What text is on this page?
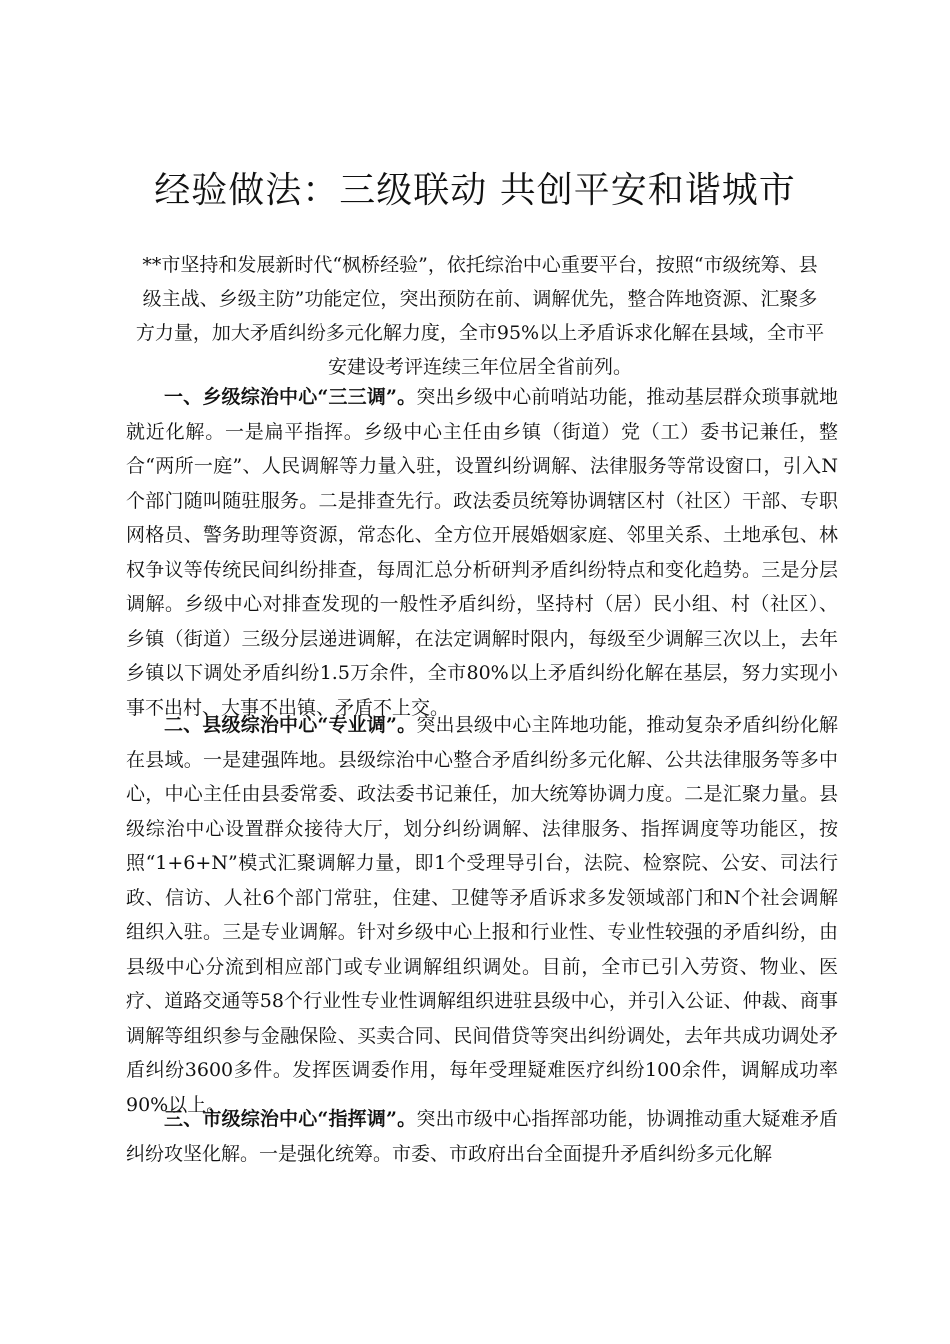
经验做法：三级联动 共创平安和谐城市

**市坚持和发展新时代“枫桥经验”，依托综治中心重要平台，按照“市级统筹、县级主战、乡级主防”功能定位，突出预防在前、调解优先，整合阵地资源、汇聚多方力量，加大矛盾纠纷多元化解力度，全市95%以上矛盾诉求化解在县域，全市平安建设考评连续三年位居全省前列。

一、乡级综治中心“三三调”。突出乡级中心前哨站功能，推动基层群众琐事就地就近化解。一是扁平指挥。乡级中心主任由乡镇（街道）党（工）委书记兼任，整合“两所一庭”、人民调解等力量入驻，设置纠纷调解、法律服务等常设窗口，引入N个部门随叫随驻服务。二是排查先行。政法委员统筹协调辖区村（社区）干部、专职网格员、警务助理等资源，常态化、全方位开展婚姻家庭、邻里关系、土地承包、林权争议等传统民间纠纷排查，每周汇总分析研判矛盾纠纷特点和变化趋势。三是分层调解。乡级中心对排查发现的一般性矛盾纠纷，坚持村（居）民小组、村（社区）、乡镇（街道）三级分层递进调解，在法定调解时限内，每级至少调解三次以上，去年乡镇以下调处矛盾纠纷1.5万余件，全市80%以上矛盾纠纷化解在基层，努力实现小事不出村、大事不出镇、矛盾不上交。

二、县级综治中心“专业调”。突出县级中心主阵地功能，推动复杂矛盾纠纷化解在县域。一是建强阵地。县级综治中心整合矛盾纠纷多元化解、公共法律服务等多中心，中心主任由县委常委、政法委书记兼任，加大统筹协调力度。二是汇聚力量。县级综治中心设置群众接待大厅，划分纠纷调解、法律服务、指挥调度等功能区，按照“1+6+N”模式汇聚调解力量，即1个受理导引台，法院、检察院、公安、司法行政、信访、人社6个部门常驻，住建、卫健等矛盾诉求多发领域部门和N个社会调解组织入驻。三是专业调解。针对乡级中心上报和行业性、专业性较强的矛盾纠纷，由县级中心分流到相应部门或专业调解组织调处。目前，全市已引入劳资、物业、医疗、道路交通等58个行业性专业性调解组织进驻县级中心，并引入公证、仲裁、商事调解等组织参与金融保险、买卖合同、民间借贷等突出纠纷调处，去年共成功调处矛盾纠纷3600多件。发挥医调委作用，每年受理疑难医疗纠纷100余件，调解成功率90%以上。

三、市级综治中心“指挥调”。突出市级中心指挥部功能，协调推动重大疑难矛盾纠纷攻坚化解。一是强化统筹。市委、市政府出台全面提升矛盾纠纷多元化解
